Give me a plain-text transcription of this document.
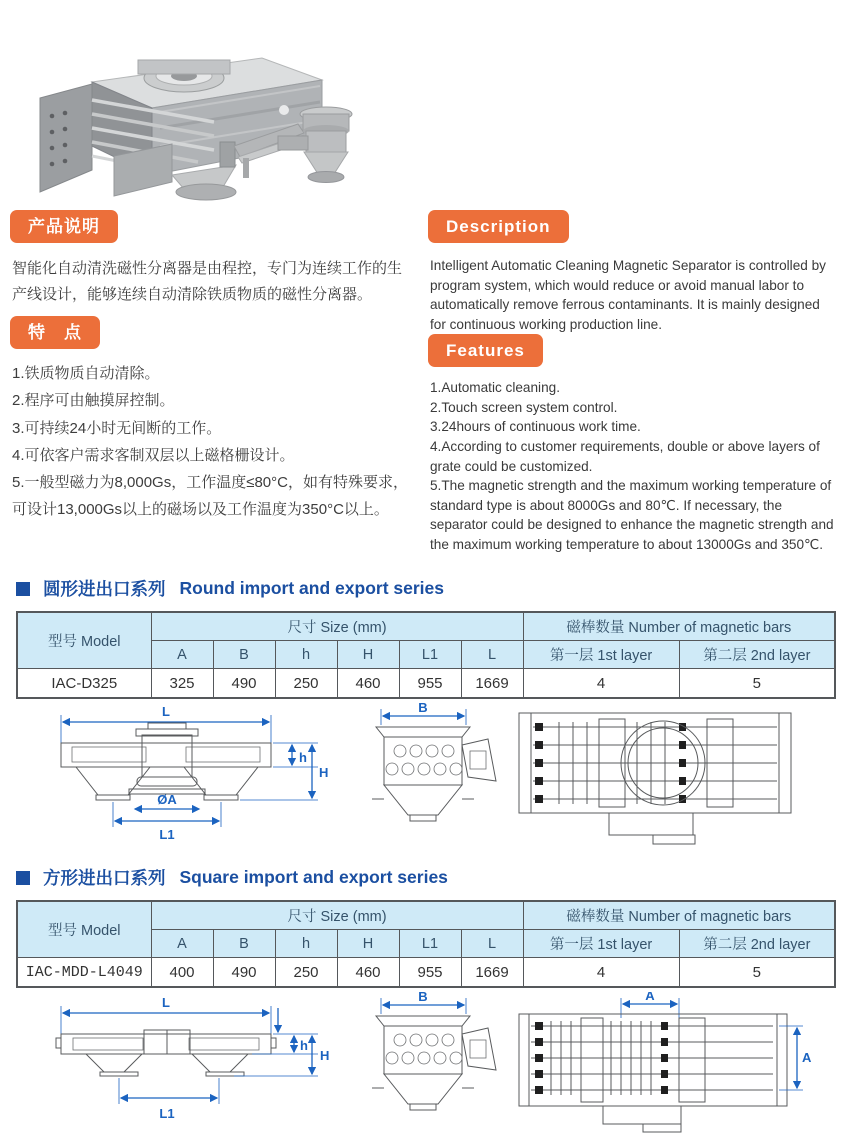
产品说明

智能化自动清洗磁性分离器是由程控，专门为连续工作的生产线设计，能够连续自动清除铁质物质的磁性分离器。

特　点
1.铁质物质自动清除。
2.程序可由触摸屏控制。
3.可持续24小时无间断的工作。
4.可依客户需求客制双层以上磁格栅设计。
5.一般型磁力为8,000Gs，工作温度≤80°C，如有特殊要求，可设计13,000Gs以上的磁场以及工作温度为350°C以上。
Description

Intelligent Automatic Cleaning Magnetic Separator is controlled by program system, which would reduce or avoid manual labor to automatically remove ferrous contaminants. It is mainly designed for continuous working production line.

Features
1.Automatic cleaning.
2.Touch screen system control.
3.24hours of continuous work time.
4.According to customer requirements, double or above layers of grate could be customized.
5.The magnetic strength and the maximum working temperature of standard type is about 8000Gs and 80℃. If necessary, the separator could be designed to enhance the magnetic strength and the maximum working temperature to about 13000Gs and 350℃.
圆形进出口系列 Round import and export series
型号 Model	尺寸 Size (mm)						磁棒数量 Number of magnetic bars	
	A	B	h	H	L1	L	第一层 1st layer	第二层 2nd layer
IAC-D325	325	490	250	460	955	1669	4	5
L
ØA
h
H
L1
B
方形进出口系列 Square import and export series
型号 Model	尺寸 Size (mm)						磁棒数量 Number of magnetic bars	
	A	B	h	H	L1	L	第一层 1st layer	第二层 2nd layer
IAC-MDD-L4049	400	490	250	460	955	1669	4	5
L
h
H
L1
B	A
A
